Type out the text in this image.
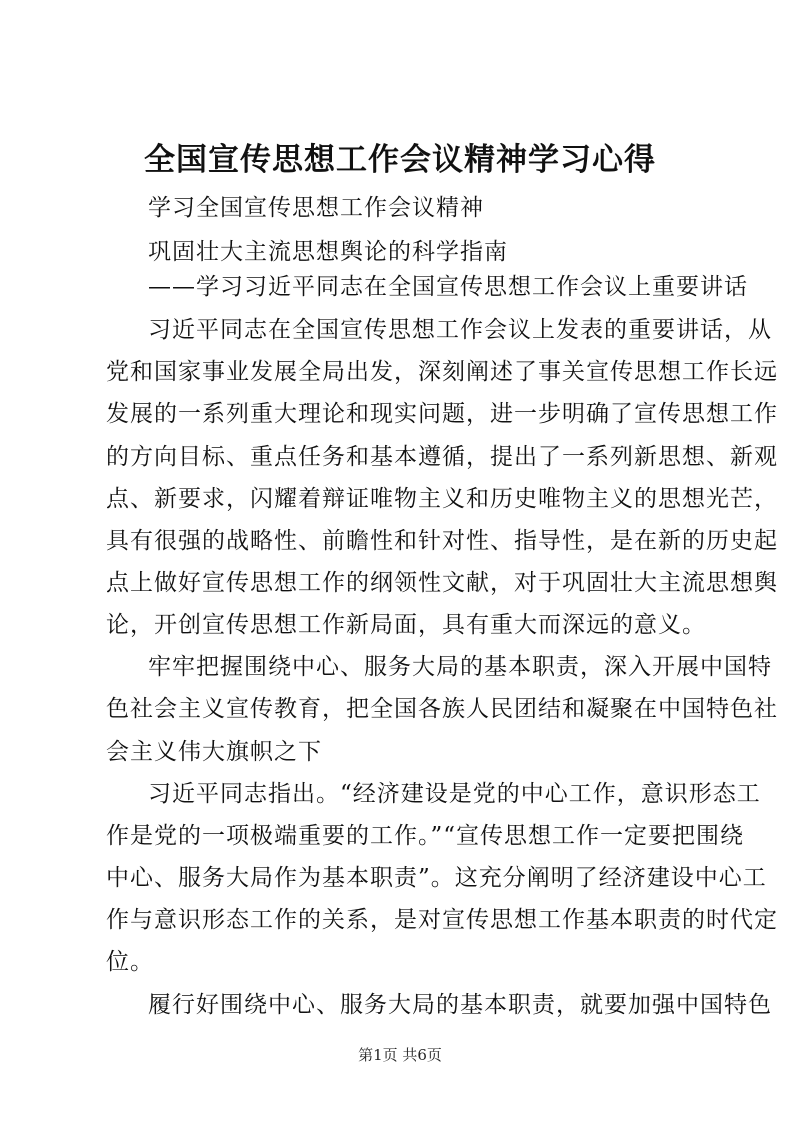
全国宣传思想工作会议精神学习心得
学习全国宣传思想工作会议精神
巩固壮大主流思想舆论的科学指南
——学习习近平同志在全国宣传思想工作会议上重要讲话
习近平同志在全国宣传思想工作会议上发表的重要讲话，从
党和国家事业发展全局出发，深刻阐述了事关宣传思想工作长远
发展的一系列重大理论和现实问题，进一步明确了宣传思想工作
的方向目标、重点任务和基本遵循，提出了一系列新思想、新观
点、新要求，闪耀着辩证唯物主义和历史唯物主义的思想光芒，
具有很强的战略性、前瞻性和针对性、指导性，是在新的历史起
点上做好宣传思想工作的纲领性文献，对于巩固壮大主流思想舆
论，开创宣传思想工作新局面，具有重大而深远的意义。
牢牢把握围绕中心、服务大局的基本职责，深入开展中国特
色社会主义宣传教育，把全国各族人民团结和凝聚在中国特色社
会主义伟大旗帜之下
习近平同志指出。“经济建设是党的中心工作，意识形态工
作是党的一项极端重要的工作。”“宣传思想工作一定要把围绕
中心、服务大局作为基本职责”。这充分阐明了经济建设中心工
作与意识形态工作的关系，是对宣传思想工作基本职责的时代定
位。
履行好围绕中心、服务大局的基本职责，就要加强中国特色
第1页 共6页
